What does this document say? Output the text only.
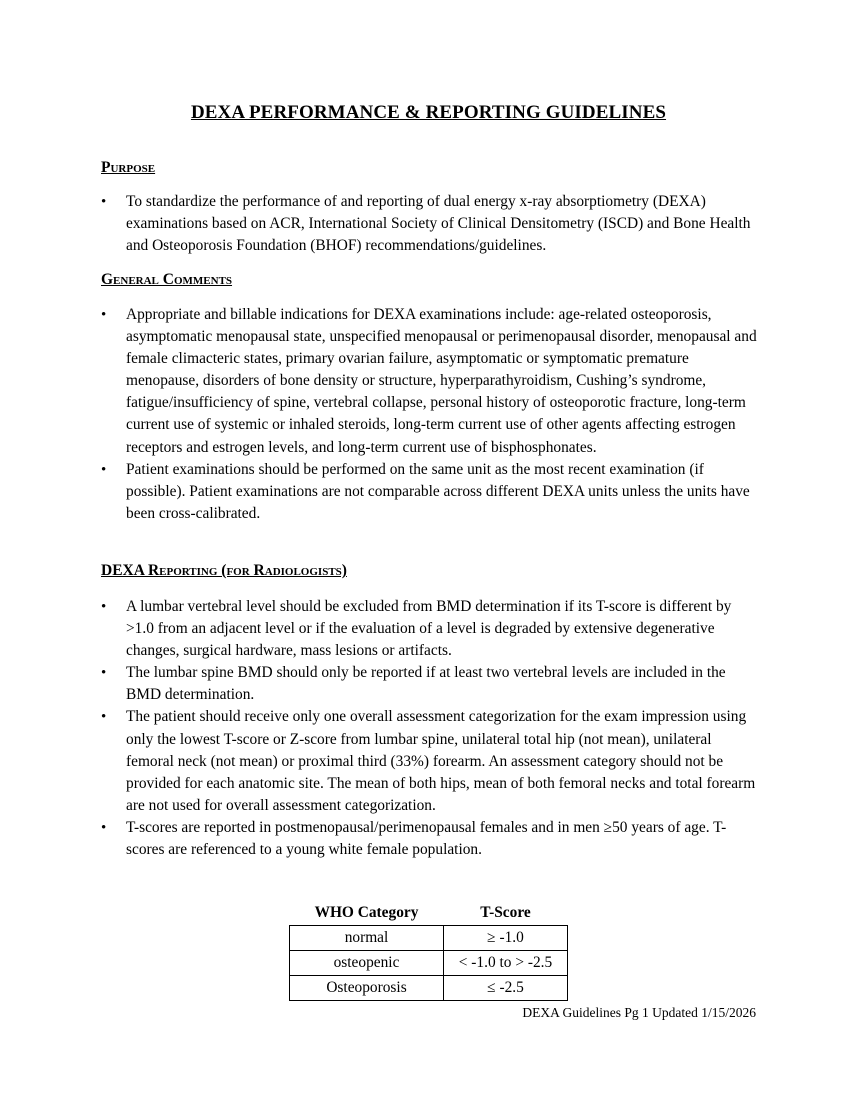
DEXA PERFORMANCE & REPORTING GUIDELINES
Purpose
• To standardize the performance of and reporting of dual energy x-ray absorptiometry (DEXA) examinations based on ACR, International Society of Clinical Densitometry (ISCD) and Bone Health and Osteoporosis Foundation (BHOF) recommendations/guidelines.
General Comments
• Appropriate and billable indications for DEXA examinations include: age-related osteoporosis, asymptomatic menopausal state, unspecified menopausal or perimenopausal disorder, menopausal and female climacteric states, primary ovarian failure, asymptomatic or symptomatic premature menopause, disorders of bone density or structure, hyperparathyroidism, Cushing’s syndrome, fatigue/insufficiency of spine, vertebral collapse, personal history of osteoporotic fracture, long-term current use of systemic or inhaled steroids, long-term current use of other agents affecting estrogen receptors and estrogen levels, and long-term current use of bisphosphonates.
• Patient examinations should be performed on the same unit as the most recent examination (if possible). Patient examinations are not comparable across different DEXA units unless the units have been cross-calibrated.
DEXA Reporting (for Radiologists)
• A lumbar vertebral level should be excluded from BMD determination if its T-score is different by >1.0 from an adjacent level or if the evaluation of a level is degraded by extensive degenerative changes, surgical hardware, mass lesions or artifacts.
• The lumbar spine BMD should only be reported if at least two vertebral levels are included in the BMD determination.
• The patient should receive only one overall assessment categorization for the exam impression using only the lowest T-score or Z-score from lumbar spine, unilateral total hip (not mean), unilateral femoral neck (not mean) or proximal third (33%) forearm. An assessment category should not be provided for each anatomic site. The mean of both hips, mean of both femoral necks and total forearm are not used for overall assessment categorization.
• T-scores are reported in postmenopausal/perimenopausal females and in men ≥50 years of age. T-scores are referenced to a young white female population.
WHO Category	T-Score
normal	≥ -1.0
osteopenic	< -1.0 to > -2.5
Osteoporosis	≤ -2.5
DEXA Guidelines Pg 1 Updated 1/15/2026
